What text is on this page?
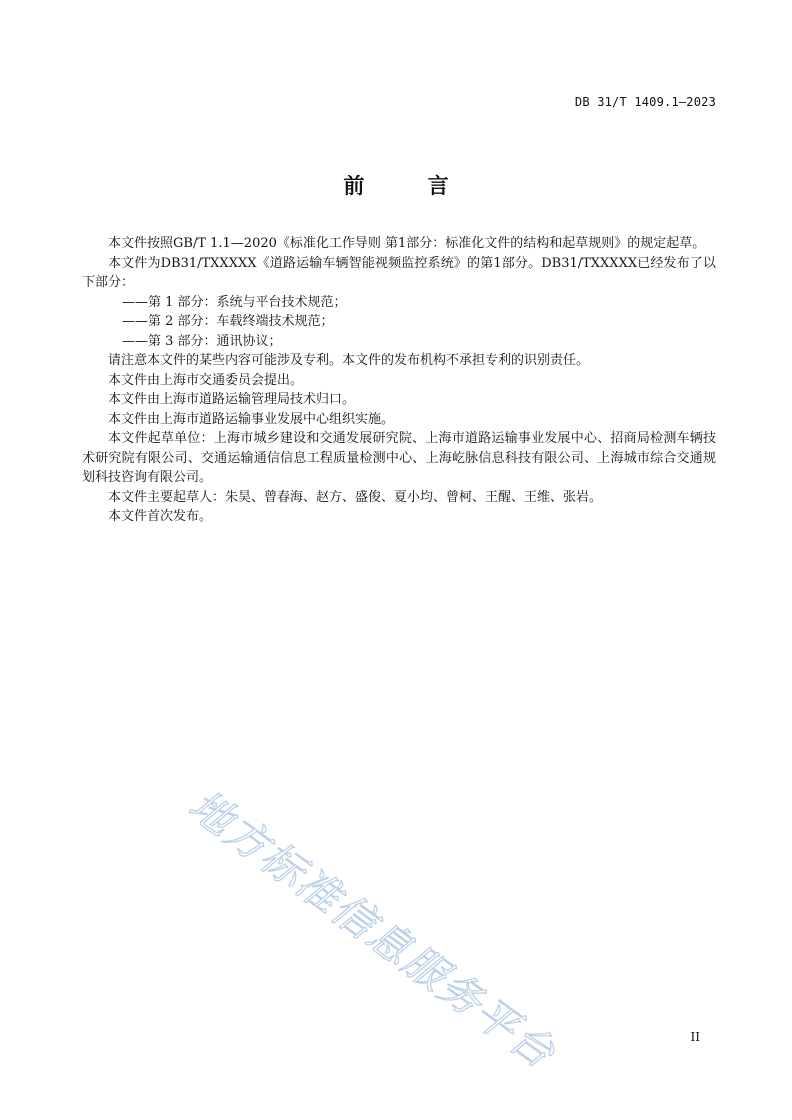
DB 31/T 1409.1—2023
前 言

本文件按照GB/T 1.1—2020《标准化工作导则 第1部分：标准化文件的结构和起草规则》的规定起草。

本文件为DB31/TXXXXX《道路运输车辆智能视频监控系统》的第1部分。DB31/TXXXXX已经发布了以下部分：

——第 1 部分：系统与平台技术规范；

——第 2 部分：车载终端技术规范；

——第 3 部分：通讯协议；

请注意本文件的某些内容可能涉及专利。本文件的发布机构不承担专利的识别责任。

本文件由上海市交通委员会提出。

本文件由上海市道路运输管理局技术归口。

本文件由上海市道路运输事业发展中心组织实施。

本文件起草单位：上海市城乡建设和交通发展研究院、上海市道路运输事业发展中心、招商局检测车辆技术研究院有限公司、交通运输通信信息工程质量检测中心、上海屹脉信息科技有限公司、上海城市综合交通规划科技咨询有限公司。

本文件主要起草人：朱昊、曾春海、赵方、盛俊、夏小均、曾柯、王醒、王维、张岩。

本文件首次发布。

地方标准信息服务平台	II
